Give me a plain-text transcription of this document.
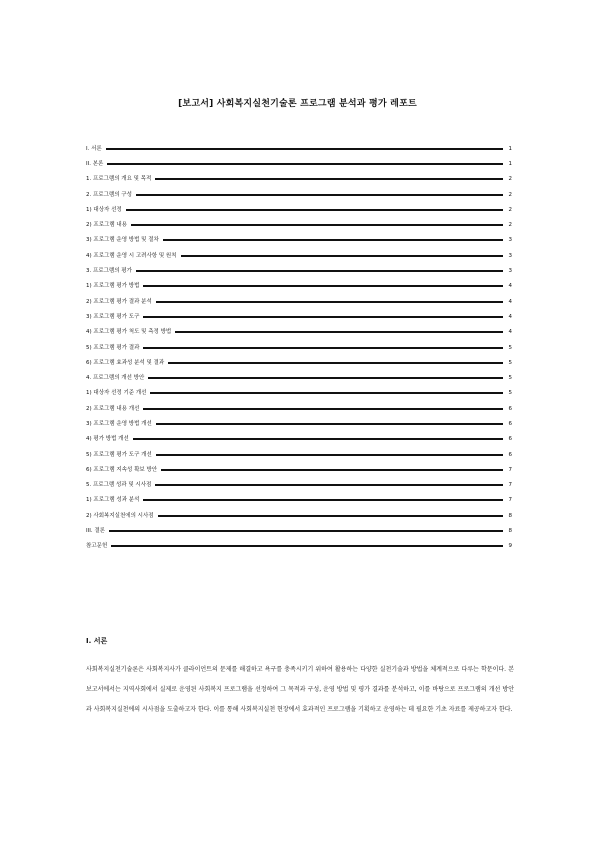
[보고서] 사회복지실천기술론 프로그램 분석과 평가 레포트
I. 서론	1
II. 본론	1
1. 프로그램의 개요 및 목적	2
2. 프로그램의 구성	2
1) 대상자 선정	2
2) 프로그램 내용	2
3) 프로그램 운영 방법 및 절차	3
4) 프로그램 운영 시 고려사항 및 원칙	3
3. 프로그램의 평가	3
1) 프로그램 평가 방법	4
2) 프로그램 평가 결과 분석	4
3) 프로그램 평가 도구	4
4) 프로그램 평가 척도 및 측정 방법	4
5) 프로그램 평가 결과	5
6) 프로그램 효과성 분석 및 결과	5
4. 프로그램의 개선 방안	5
1) 대상자 선정 기준 개선	5
2) 프로그램 내용 개선	6
3) 프로그램 운영 방법 개선	6
4) 평가 방법 개선	6
5) 프로그램 평가 도구 개선	6
6) 프로그램 지속성 확보 방안	7
5. 프로그램 성과 및 시사점	7
1) 프로그램 성과 분석	7
2) 사회복지실천에의 시사점	8
III. 결론	8
참고문헌	9
I. 서론
사회복지실천기술론은 사회복지사가 클라이언트의 문제를 해결하고 욕구를 충족시키기 위하여 활용하는 다양한 실천기술과 방법을 체계적으로 다루는 학문이다. 본 보고서에서는 지역사회에서 실제로 운영된 사회복지 프로그램을 선정하여 그 목적과 구성, 운영 방법 및 평가 결과를 분석하고, 이를 바탕으로 프로그램의 개선 방안과 사회복지실천에의 시사점을 도출하고자 한다. 이를 통해 사회복지실천 현장에서 효과적인 프로그램을 기획하고 운영하는 데 필요한 기초 자료를 제공하고자 한다.
